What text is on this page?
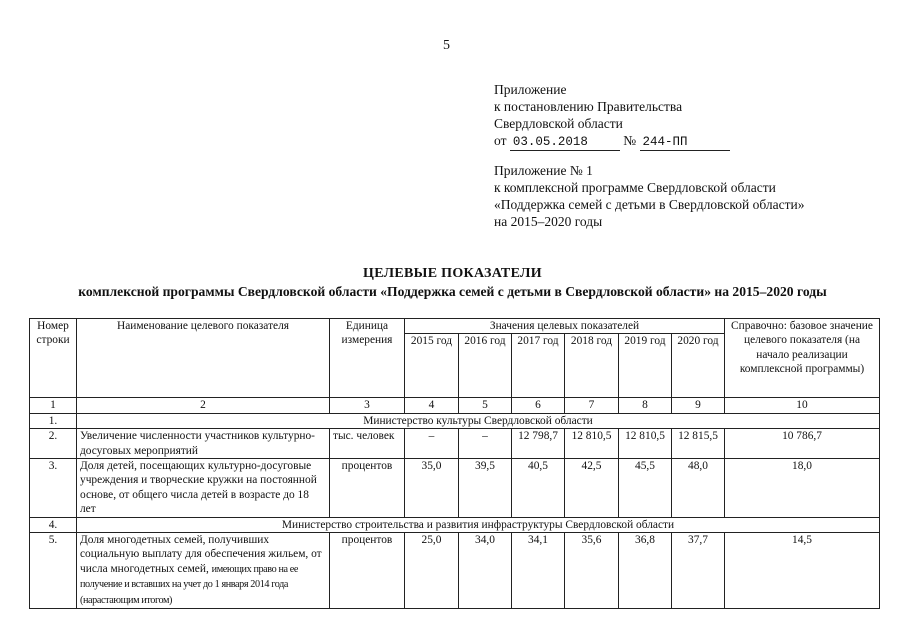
5
Приложение
к постановлению Правительства
Свердловской области
от 03.05.2018	№ 244-ПП
Приложение № 1
к комплексной программе Свердловской области
«Поддержка семей с детьми в Свердловской области»
на 2015–2020 годы
ЦЕЛЕВЫЕ ПОКАЗАТЕЛИ
комплексной программы Свердловской области «Поддержка семей с детьми в Свердловской области» на 2015–2020 годы
Номер строки	Наименование целевого показателя	Единица измерения	Значения целевых показателей						Справочно: базовое значение целевого показателя (на начало реализации комплексной программы)
			2015 год	2016 год	2017 год	2018 год	2019 год	2020 год	
1	2	3	4	5	6	7	8	9	10
1.	Министерство культуры Свердловской области								
2.	Увеличение численности участников культурно-досуговых мероприятий	тыс. человек	–	–	12 798,7	12 810,5	12 810,5	12 815,5	10 786,7
3.	Доля детей, посещающих культурно-досуговые учреждения и творческие кружки на постоянной основе, от общего числа детей в возрасте до 18 лет	процентов	35,0	39,5	40,5	42,5	45,5	48,0	18,0
4.	Министерство строительства и развития инфраструктуры Свердловской области								
5.	Доля многодетных семей, получивших социальную выплату для обеспечения жильем, от числа многодетных семей, имеющих право на ее получение и вставших на учет до 1 января 2014 года (нарастающим итогом)	процентов	25,0	34,0	34,1	35,6	36,8	37,7	14,5
